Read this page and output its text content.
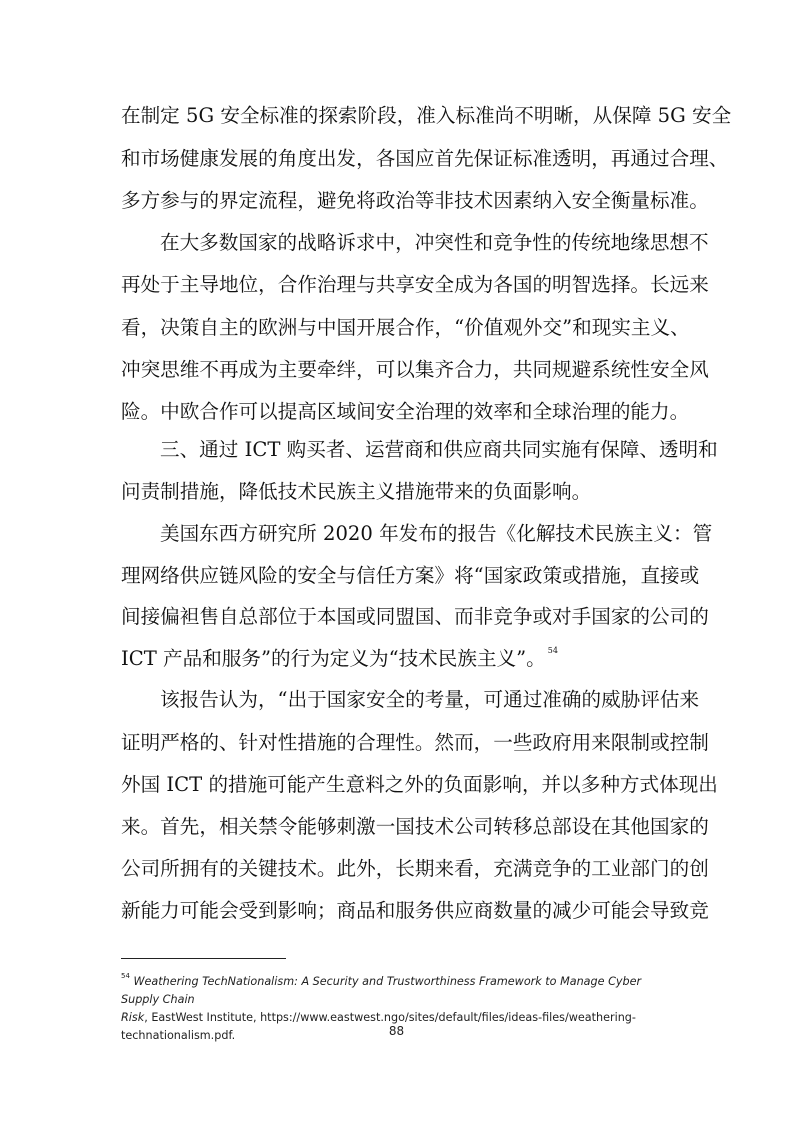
在制定 5G 安全标准的探索阶段，准入标准尚不明晰，从保障 5G 安全
和市场健康发展的角度出发，各国应首先保证标准透明，再通过合理、
多方参与的界定流程，避免将政治等非技术因素纳入安全衡量标准。
在大多数国家的战略诉求中，冲突性和竞争性的传统地缘思想不
再处于主导地位，合作治理与共享安全成为各国的明智选择。长远来
看，决策自主的欧洲与中国开展合作，“价值观外交”和现实主义、
冲突思维不再成为主要牵绊，可以集齐合力，共同规避系统性安全风
险。中欧合作可以提高区域间安全治理的效率和全球治理的能力。
三、通过 ICT 购买者、运营商和供应商共同实施有保障、透明和
问责制措施，降低技术民族主义措施带来的负面影响。
美国东西方研究所 2020 年发布的报告《化解技术民族主义：管
理网络供应链风险的安全与信任方案》将“国家政策或措施，直接或
间接偏袒售自总部位于本国或同盟国、而非竞争或对手国家的公司的
ICT 产品和服务”的行为定义为“技术民族主义”。 $^{54}$
该报告认为，“出于国家安全的考量，可通过准确的威胁评估来
证明严格的、针对性措施的合理性。然而，一些政府用来限制或控制
外国 ICT 的措施可能产生意料之外的负面影响，并以多种方式体现出
来。首先，相关禁令能够刺激一国技术公司转移总部设在其他国家的
公司所拥有的关键技术。此外，长期来看，充满竞争的工业部门的创
新能力可能会受到影响；商品和服务供应商数量的减少可能会导致竞
$^{54}$ Weathering TechNationalism: A Security and Trustworthiness Framework to Manage Cyber Supply Chain
Risk, EastWest Institute, https://www.eastwest.ngo/sites/default/files/ideas-files/weathering-
technationalism.pdf.	88
